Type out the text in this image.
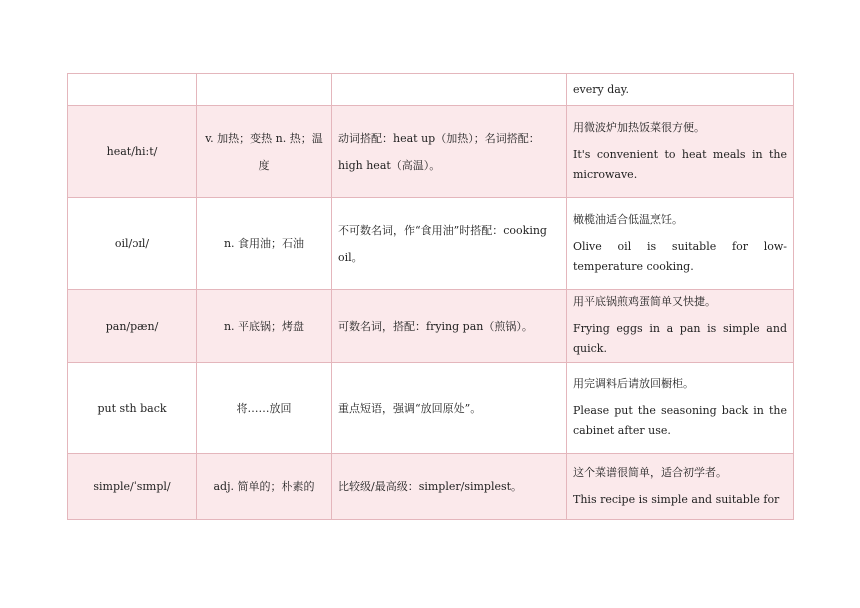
			every day.

heat/hi:t/	v. 加热；变热 n. 热；温度	动词搭配：heat up（加热）；名词搭配：high heat（高温）。	用微波炉加热饭菜很方便。
It's convenient to heat meals in the microwave.

oil/ɔɪl/	n. 食用油；石油	不可数名词，作“食用油”时搭配：cooking oil。	橄榄油适合低温烹饪。
Olive oil is suitable for low-temperature cooking.

pan/pæn/	n. 平底锅；烤盘	可数名词，搭配：frying pan（煎锅）。	用平底锅煎鸡蛋简单又快捷。
Frying eggs in a pan is simple and quick.

put sth back	将……放回	重点短语，强调“放回原处”。	用完调料后请放回橱柜。
Please put the seasoning back in the cabinet after use.

simple/ˈsɪmpl/	adj. 简单的；朴素的	比较级/最高级：simpler/simplest。	这个菜谱很简单，适合初学者。
This recipe is simple and suitable for
